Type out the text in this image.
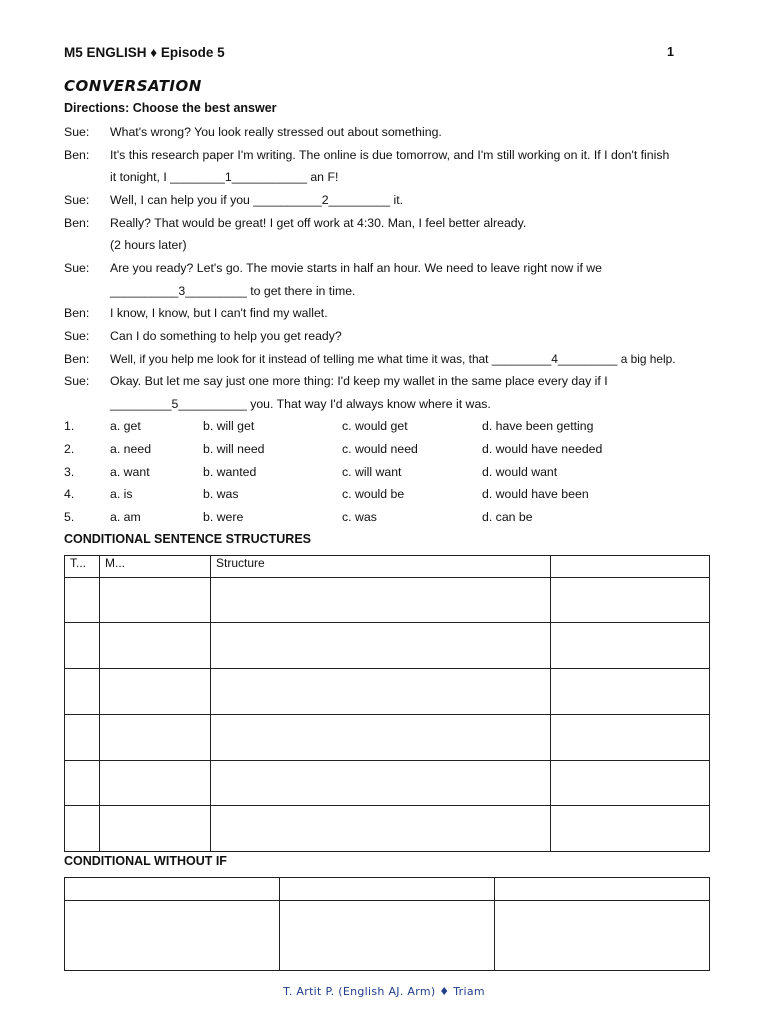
M5 ENGLISH ♦ Episode 5	1
CONVERSATION
Directions: Choose the best answer
Sue: What's wrong? You look really stressed out about something.
Ben: It's this research paper I'm writing. The online is due tomorrow, and I'm still working on it. If I don't finish
it tonight, I ________1___________ an F!
Sue: Well, I can help you if you __________2_________ it.
Ben: Really? That would be great! I get off work at 4:30. Man, I feel better already.
(2 hours later)
Sue: Are you ready? Let's go. The movie starts in half an hour. We need to leave right now if we
__________3_________ to get there in time.
Ben: I know, I know, but I can't find my wallet.
Sue: Can I do something to help you get ready?
Ben: Well, if you help me look for it instead of telling me what time it was, that _________4_________ a big help.
Sue: Okay. But let me say just one more thing: I'd keep my wallet in the same place every day if I
_________5__________ you. That way I'd always know where it was.
1.	a. get	b. will get	c. would get	d. have been getting
2.	a. need	b. will need	c. would need	d. would have needed
3.	a. want	b. wanted	c. will want	d. would want
4.	a. is	b. was	c. would be	d. would have been
5.	a. am	b. were	c. was	d. can be
CONDITIONAL SENTENCE STRUCTURES
T...	M...	Structure	

CONDITIONAL WITHOUT IF

T. Artit P. (English AJ. Arm) ♦ Triam
